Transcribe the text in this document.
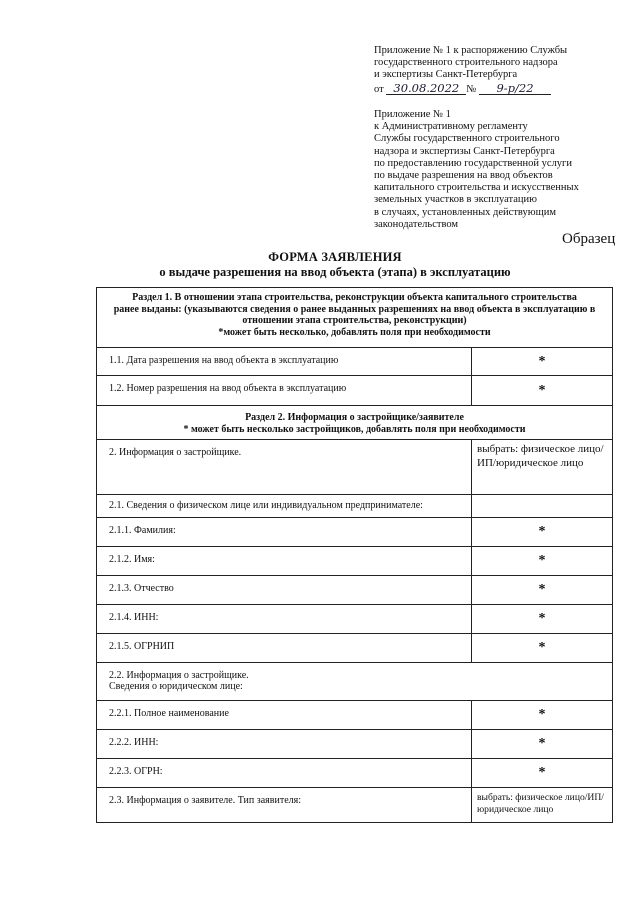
Приложение № 1 к распоряжению Службы
государственного строительного надзора
и экспертизы Санкт-Петербурга
от 30.08.2022 № 9-р/22
Приложение № 1
к Административному регламенту
Службы государственного строительного
надзора и экспертизы Санкт-Петербурга
по предоставлению государственной услуги
по выдаче разрешения на ввод объектов
капитального строительства и искусственных
земельных участков в эксплуатацию
в случаях, установленных действующим
законодательством
Образец
ФОРМА ЗАЯВЛЕНИЯ
о выдаче разрешения на ввод объекта (этапа) в эксплуатацию
Раздел 1. В отношении этапа строительства, реконструкции объекта капитального строительства
ранее выданы: (указываются сведения о ранее выданных разрешениях на ввод объекта в эксплуатацию в
отношении этапа строительства, реконструкции)
*может быть несколько, добавлять поля при необходимости	

1.1. Дата разрешения на ввод объекта в эксплуатацию	*
1.2. Номер разрешения на ввод объекта в эксплуатацию	*

Раздел 2. Информация о застройщике/заявителе
* может быть несколько застройщиков, добавлять поля при необходимости	

2. Информация о застройщике.	выбрать: физическое лицо/ИП/юридическое лицо
2.1. Сведения о физическом лице или индивидуальном предпринимателе:	
2.1.1. Фамилия:	*
2.1.2. Имя:	*
2.1.3. Отчество	*
2.1.4. ИНН:	*
2.1.5. ОГРНИП	*

2.2. Информация о застройщике.
Сведения о юридическом лице:	

2.2.1. Полное наименование	*
2.2.2. ИНН:	*
2.2.3. ОГРН:	*
2.3. Информация о заявителе. Тип заявителя:	выбрать: физическое лицо/ИП/юридическое лицо
